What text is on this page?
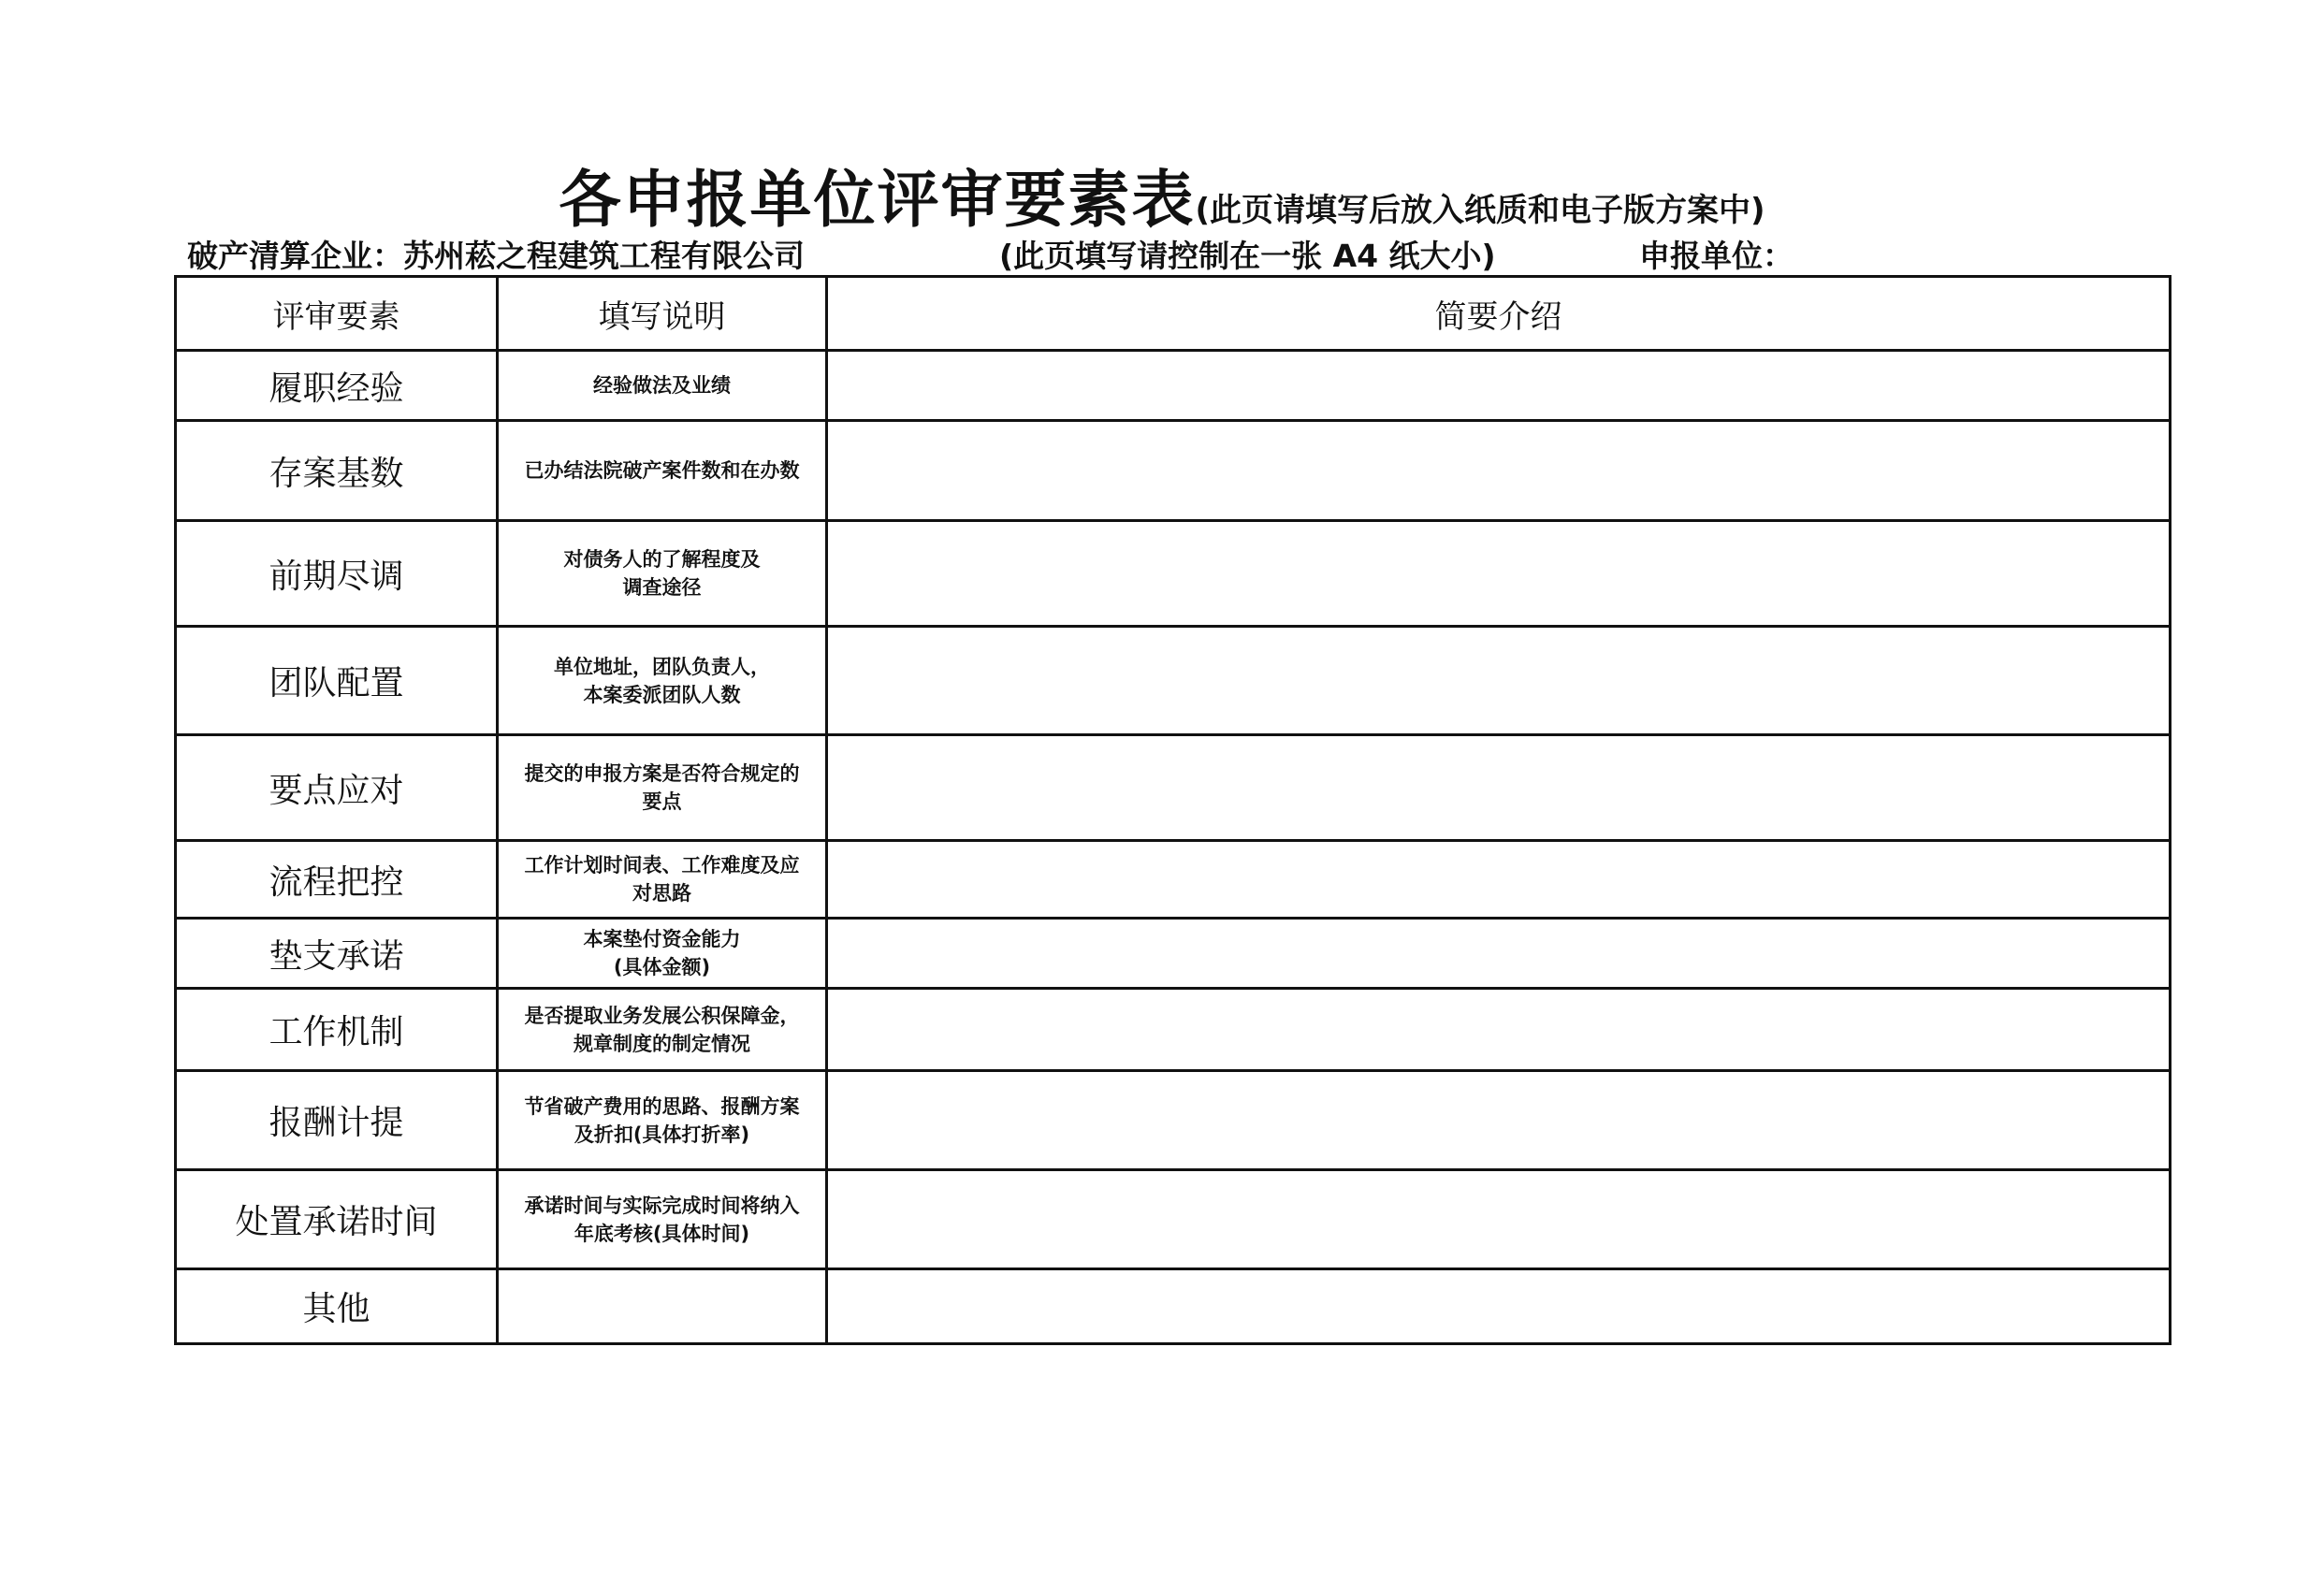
各申报单位评审要素表(此页请填写后放入纸质和电子版方案中)
破产清算企业：苏州菘之程建筑工程有限公司	(此页填写请控制在一张 A4 纸大小)	申报单位：
评审要素	填写说明	简要介绍
履职经验	经验做法及业绩	

存案基数	已办结法院破产案件数和在办数	

前期尽调	对债务人的了解程度及
调查途径	

团队配置	单位地址，团队负责人，
本案委派团队人数	

要点应对	提交的申报方案是否符合规定的
要点	

流程把控	工作计划时间表、工作难度及应
对思路	

垫支承诺	本案垫付资金能力
(具体金额)	

工作机制	是否提取业务发展公积保障金，
规章制度的制定情况	

报酬计提	节省破产费用的思路、报酬方案
及折扣(具体打折率)	

处置承诺时间	承诺时间与实际完成时间将纳入
年底考核(具体时间)	

其他		
